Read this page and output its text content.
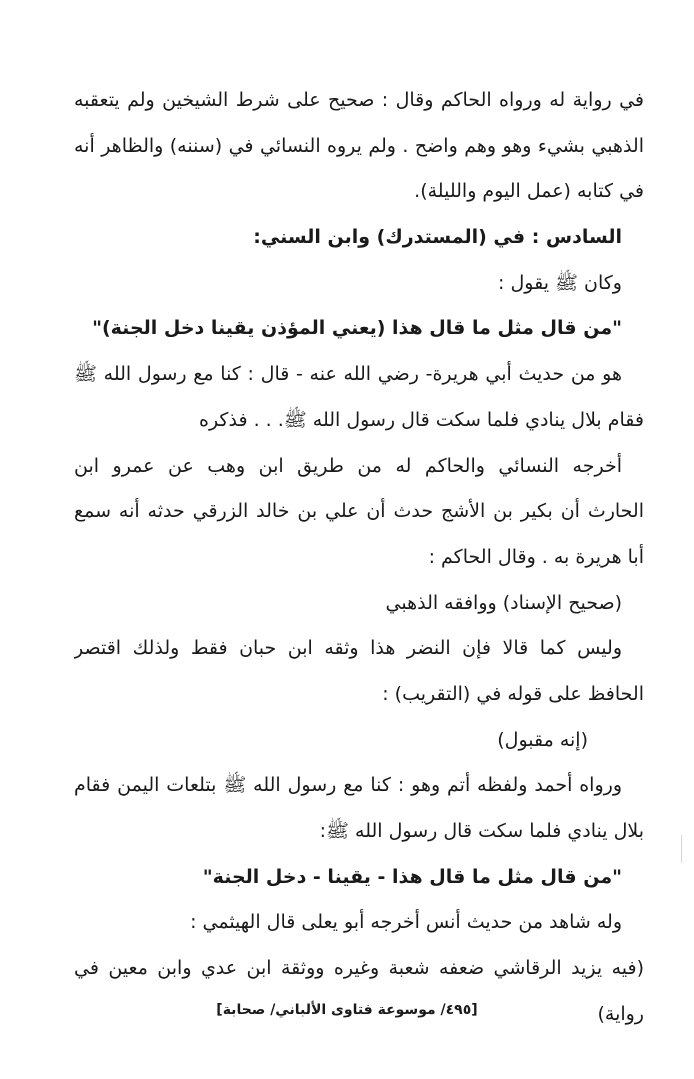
في رواية له ورواه الحاكم وقال : صحيح على شرط الشيخين ولم يتعقبه
الذهبي بشيء وهو وهم واضح . ولم يروه النسائي في (سننه) والظاهر أنه
في كتابه (عمل اليوم والليلة).
السادس : في (المستدرك) وابن السني:
وكان ﷺ يقول :
"من قال مثل ما قال هذا (يعني المؤذن يقينا دخل الجنة)"
هو من حديث أبي هريرة- رضي الله عنه - قال : كنا مع رسول الله ﷺ
فقام بلال ينادي فلما سكت قال رسول الله ﷺ. . . فذكره
أخرجه النسائي والحاكم له من طريق ابن وهب عن عمرو ابن
الحارث أن بكير بن الأشج حدث أن علي بن خالد الزرقي حدثه أنه سمع
أبا هريرة به . وقال الحاكم :
(صحيح الإسناد) ووافقه الذهبي
وليس كما قالا فإن النضر هذا وثقه ابن حبان فقط ولذلك اقتصر
الحافظ على قوله في (التقريب) :
(إنه مقبول)
ورواه أحمد ولفظه أتم وهو : كنا مع رسول الله ﷺ بتلعات اليمن فقام
بلال ينادي فلما سكت قال رسول الله ﷺ:
"من قال مثل ما قال هذا - يقينا - دخل الجنة"
وله شاهد من حديث أنس أخرجه أبو يعلى قال الهيثمي :
(فيه يزيد الرقاشي ضعفه شعبة وغيره ووثقة ابن عدي وابن معين في
رواية)
[٤٩٥/ موسوعة فتاوى الألباني/ صحابة]
